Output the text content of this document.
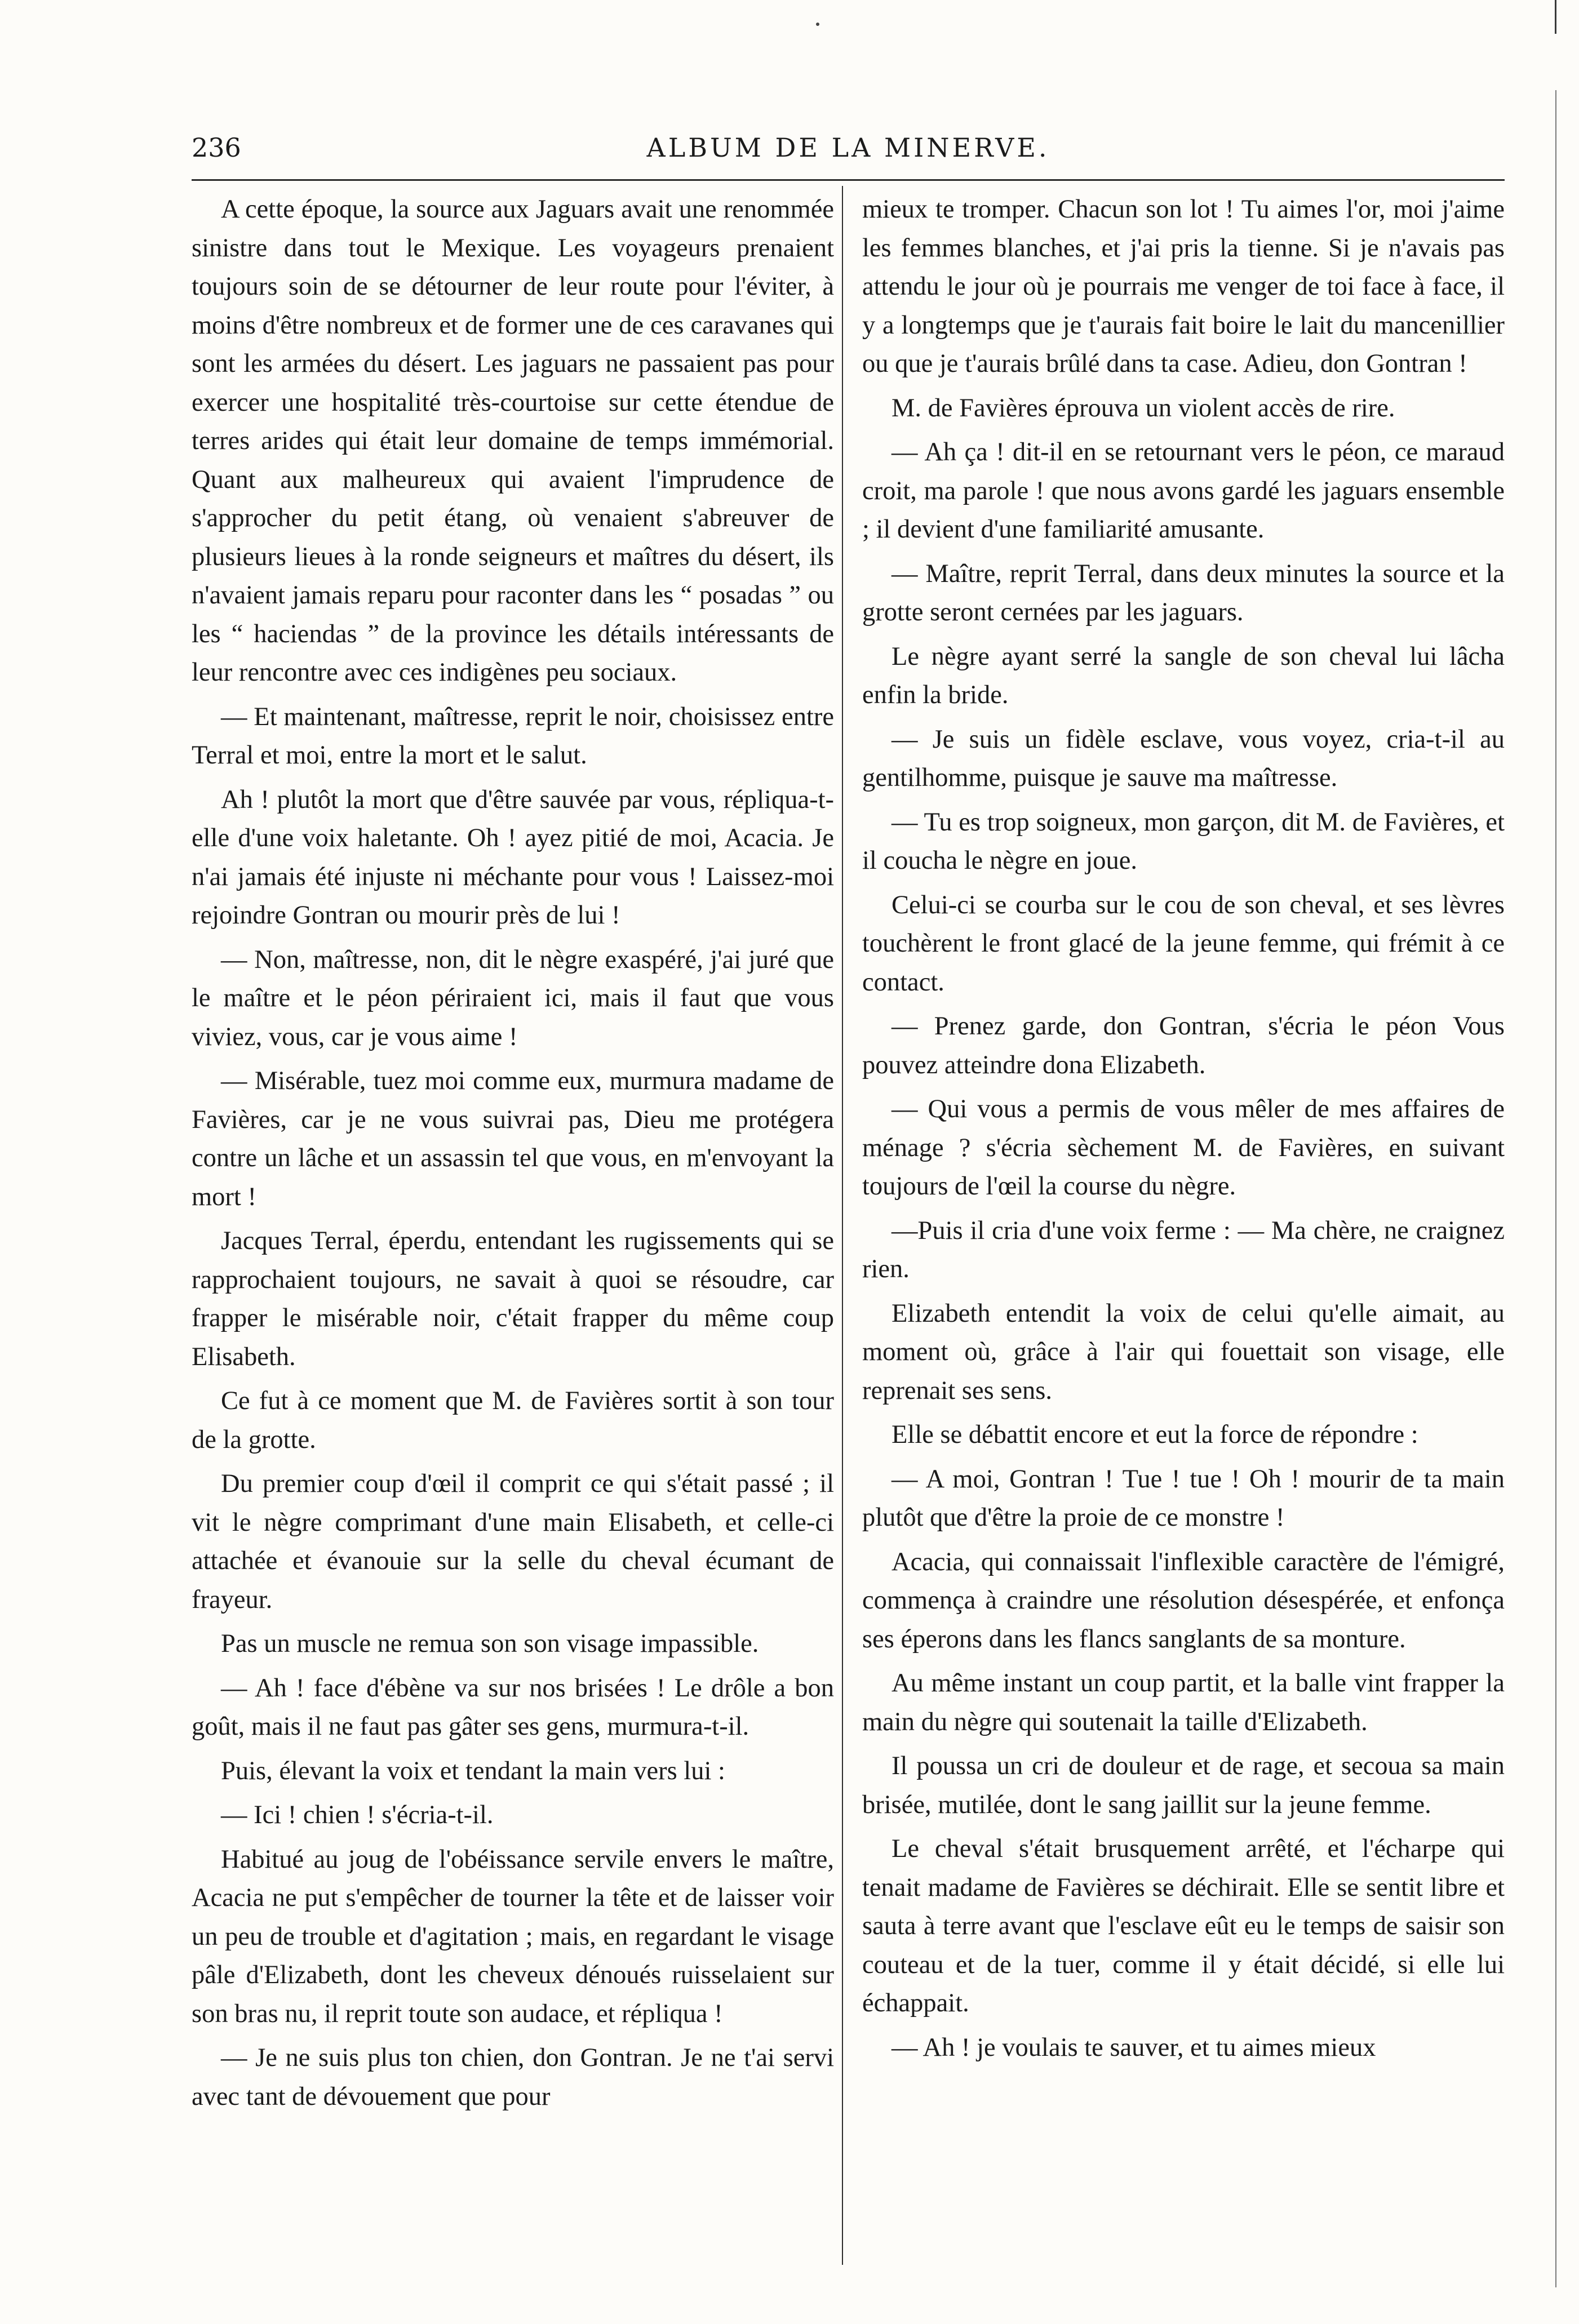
236	ALBUM DE LA MINERVE.

A cette époque, la source aux Jaguars avait une renommée sinistre dans tout le Mexique. Les voyageurs prenaient toujours soin de se détourner de leur route pour l'éviter, à moins d'être nombreux et de former une de ces caravanes qui sont les armées du désert. Les jaguars ne passaient pas pour exercer une hospitalité très-courtoise sur cette étendue de terres arides qui était leur domaine de temps immémorial. Quant aux malheureux qui avaient l'imprudence de s'approcher du petit étang, où venaient s'abreuver de plusieurs lieues à la ronde seigneurs et maîtres du désert, ils n'avaient jamais reparu pour raconter dans les “ posadas ” ou les “ haciendas ” de la province les détails intéressants de leur rencontre avec ces indigènes peu sociaux.

— Et maintenant, maîtresse, reprit le noir, choisissez entre Terral et moi, entre la mort et le salut.

Ah ! plutôt la mort que d'être sauvée par vous, répliqua-t-elle d'une voix haletante. Oh ! ayez pitié de moi, Acacia. Je n'ai jamais été injuste ni méchante pour vous ! Laissez-moi rejoindre Gontran ou mourir près de lui !

— Non, maîtresse, non, dit le nègre exaspéré, j'ai juré que le maître et le péon périraient ici, mais il faut que vous viviez, vous, car je vous aime !

— Misérable, tuez moi comme eux, murmura madame de Favières, car je ne vous suivrai pas, Dieu me protégera contre un lâche et un assassin tel que vous, en m'envoyant la mort !

Jacques Terral, éperdu, entendant les rugissements qui se rapprochaient toujours, ne savait à quoi se résoudre, car frapper le misérable noir, c'était frapper du même coup Elisabeth.

Ce fut à ce moment que M. de Favières sortit à son tour de la grotte.

Du premier coup d'œil il comprit ce qui s'était passé ; il vit le nègre comprimant d'une main Elisabeth, et celle-ci attachée et évanouie sur la selle du cheval écumant de frayeur.

Pas un muscle ne remua son son visage impassible.

— Ah ! face d'ébène va sur nos brisées ! Le drôle a bon goût, mais il ne faut pas gâter ses gens, murmura-t-il.

Puis, élevant la voix et tendant la main vers lui :

— Ici ! chien ! s'écria-t-il.

Habitué au joug de l'obéissance servile envers le maître, Acacia ne put s'empêcher de tourner la tête et de laisser voir un peu de trouble et d'agitation ; mais, en regardant le visage pâle d'Elizabeth, dont les cheveux dénoués ruisselaient sur son bras nu, il reprit toute son audace, et répliqua !

— Je ne suis plus ton chien, don Gontran. Je ne t'ai servi avec tant de dévouement que pour

mieux te tromper. Chacun son lot ! Tu aimes l'or, moi j'aime les femmes blanches, et j'ai pris la tienne. Si je n'avais pas attendu le jour où je pourrais me venger de toi face à face, il y a longtemps que je t'aurais fait boire le lait du mancenillier ou que je t'aurais brûlé dans ta case. Adieu, don Gontran !

M. de Favières éprouva un violent accès de rire.

— Ah ça ! dit-il en se retournant vers le péon, ce maraud croit, ma parole ! que nous avons gardé les jaguars ensemble ; il devient d'une familiarité amusante.

— Maître, reprit Terral, dans deux minutes la source et la grotte seront cernées par les jaguars.

Le nègre ayant serré la sangle de son cheval lui lâcha enfin la bride.

— Je suis un fidèle esclave, vous voyez, cria-t-il au gentilhomme, puisque je sauve ma maîtresse.

— Tu es trop soigneux, mon garçon, dit M. de Favières, et il coucha le nègre en joue.

Celui-ci se courba sur le cou de son cheval, et ses lèvres touchèrent le front glacé de la jeune femme, qui frémit à ce contact.

— Prenez garde, don Gontran, s'écria le péon Vous pouvez atteindre dona Elizabeth.

— Qui vous a permis de vous mêler de mes affaires de ménage ? s'écria sèchement M. de Favières, en suivant toujours de l'œil la course du nègre.

—Puis il cria d'une voix ferme : — Ma chère, ne craignez rien.

Elizabeth entendit la voix de celui qu'elle aimait, au moment où, grâce à l'air qui fouettait son visage, elle reprenait ses sens.

Elle se débattit encore et eut la force de répondre :

— A moi, Gontran ! Tue ! tue ! Oh ! mourir de ta main plutôt que d'être la proie de ce monstre !

Acacia, qui connaissait l'inflexible caractère de l'émigré, commença à craindre une résolution désespérée, et enfonça ses éperons dans les flancs sanglants de sa monture.

Au même instant un coup partit, et la balle vint frapper la main du nègre qui soutenait la taille d'Elizabeth.

Il poussa un cri de douleur et de rage, et secoua sa main brisée, mutilée, dont le sang jaillit sur la jeune femme.

Le cheval s'était brusquement arrêté, et l'écharpe qui tenait madame de Favières se déchirait. Elle se sentit libre et sauta à terre avant que l'esclave eût eu le temps de saisir son couteau et de la tuer, comme il y était décidé, si elle lui échappait.

— Ah ! je voulais te sauver, et tu aimes mieux
